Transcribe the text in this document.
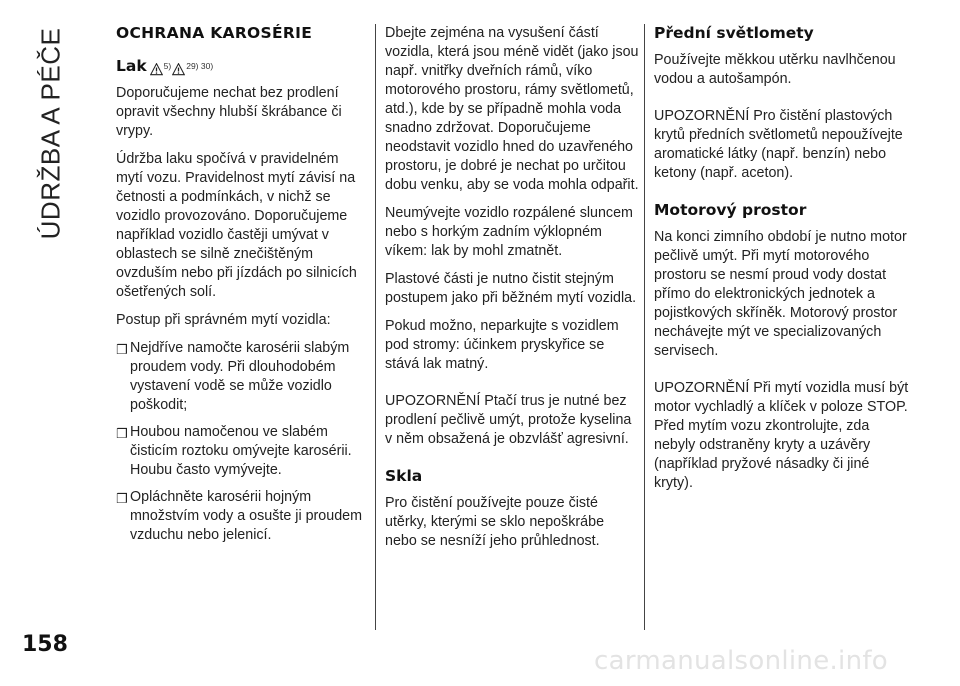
ÚDRŽBA A PÉČE	OCHRANA KAROSÉRIE
Lak 5) 29) 30)

Doporučujeme nechat bez prodlení opravit všechny hlubší škrábance či vrypy.

Údržba laku spočívá v pravidelném mytí vozu. Pravidelnost mytí závisí na četnosti a podmínkách, v nichž se vozidlo provozováno. Doporučujeme například vozidlo častěji umývat v oblastech se silně znečištěným ovzduším nebo při jízdách po silnicích ošetřených solí.

Postup při správném mytí vozidla:

❒ Nejdříve namočte karosérii slabým proudem vody. Při dlouhodobém vystavení vodě se může vozidlo poškodit;
❒ Houbou namočenou ve slabém čisticím roztoku omývejte karosérii. Houbu často vymývejte.
❒ Opláchněte karosérii hojným množstvím vody a osušte ji proudem vzduchu nebo jelenicí.

Dbejte zejména na vysušení částí vozidla, která jsou méně vidět (jako jsou např. vnitřky dveřních rámů, víko motorového prostoru, rámy světlometů, atd.), kde by se případně mohla voda snadno zdržovat. Doporučujeme neodstavit vozidlo hned do uzavřeného prostoru, je dobré je nechat po určitou dobu venku, aby se voda mohla odpařit.

Neumývejte vozidlo rozpálené sluncem nebo s horkým zadním výklopném víkem: lak by mohl zmatnět.

Plastové části je nutno čistit stejným postupem jako při běžném mytí vozidla.

Pokud možno, neparkujte s vozidlem pod stromy: účinkem pryskyřice se stává lak matný.

UPOZORNĚNÍ Ptačí trus je nutné bez prodlení pečlivě umýt, protože kyselina v něm obsažená je obzvlášť agresivní.

Skla

Pro čistění používejte pouze čisté utěrky, kterými se sklo nepoškrábe nebo se nesníží jeho průhlednost.

Přední světlomety

Používejte měkkou utěrku navlhčenou vodou a autošampón.

UPOZORNĚNÍ Pro čistění plastových krytů předních světlometů nepoužívejte aromatické látky (např. benzín) nebo ketony (např. aceton).

Motorový prostor

Na konci zimního období je nutno motor pečlivě umýt. Při mytí motorového prostoru se nesmí proud vody dostat přímo do elektronických jednotek a pojistkových skříněk. Motorový prostor nechávejte mýt ve specializovaných servisech.

UPOZORNĚNÍ Při mytí vozidla musí být motor vychladlý a klíček v poloze STOP. Před mytím vozu zkontrolujte, zda nebyly odstraněny kryty a uzávěry (například pryžové násadky či jiné kryty).

158
carmanualsonline.info
